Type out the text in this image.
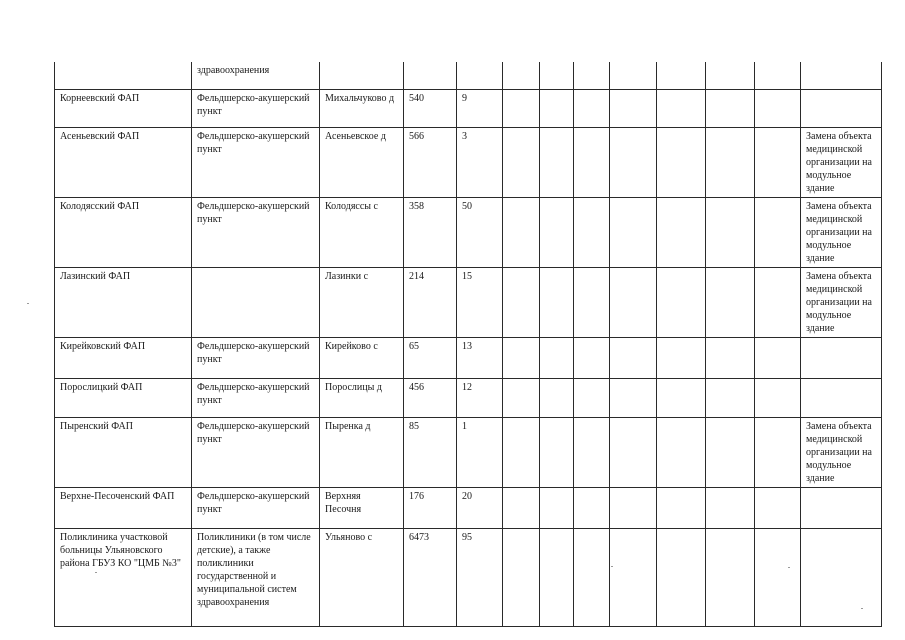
	здравоохранения											

Корнеевский ФАП	Фельдшерско-акушерский пункт	Михальчуково д	540	9								

Асеньевский ФАП	Фельдшерско-акушерский пункт	Асеньевское д	566	3								Замена объекта медицинской организации на модульное здание

Колодясский ФАП	Фельдшерско-акушерский пункт	Колодяссы с	358	50								Замена объекта медицинской организации на модульное здание

Лазинский ФАП		Лазинки с	214	15								Замена объекта медицинской организации на модульное здание

Кирейковский ФАП	Фельдшерско-акушерский пункт	Кирейково с	65	13								

Порослицкий ФАП	Фельдшерско-акушерский пункт	Порослицы д	456	12								

Пыренский ФАП	Фельдшерско-акушерский пункт	Пыренка д	85	1								Замена объекта медицинской организации на модульное здание

Верхне-Песоченский ФАП	Фельдшерско-акушерский пункт	Верхняя Песочня	176	20								

Поликлиника участковой больницы Ульяновского района ГБУЗ КО "ЦМБ №3"	Поликлиники (в том числе детские), а также поликлиники государственной и муниципальной систем здравоохранения	Ульяново с	6473	95								
